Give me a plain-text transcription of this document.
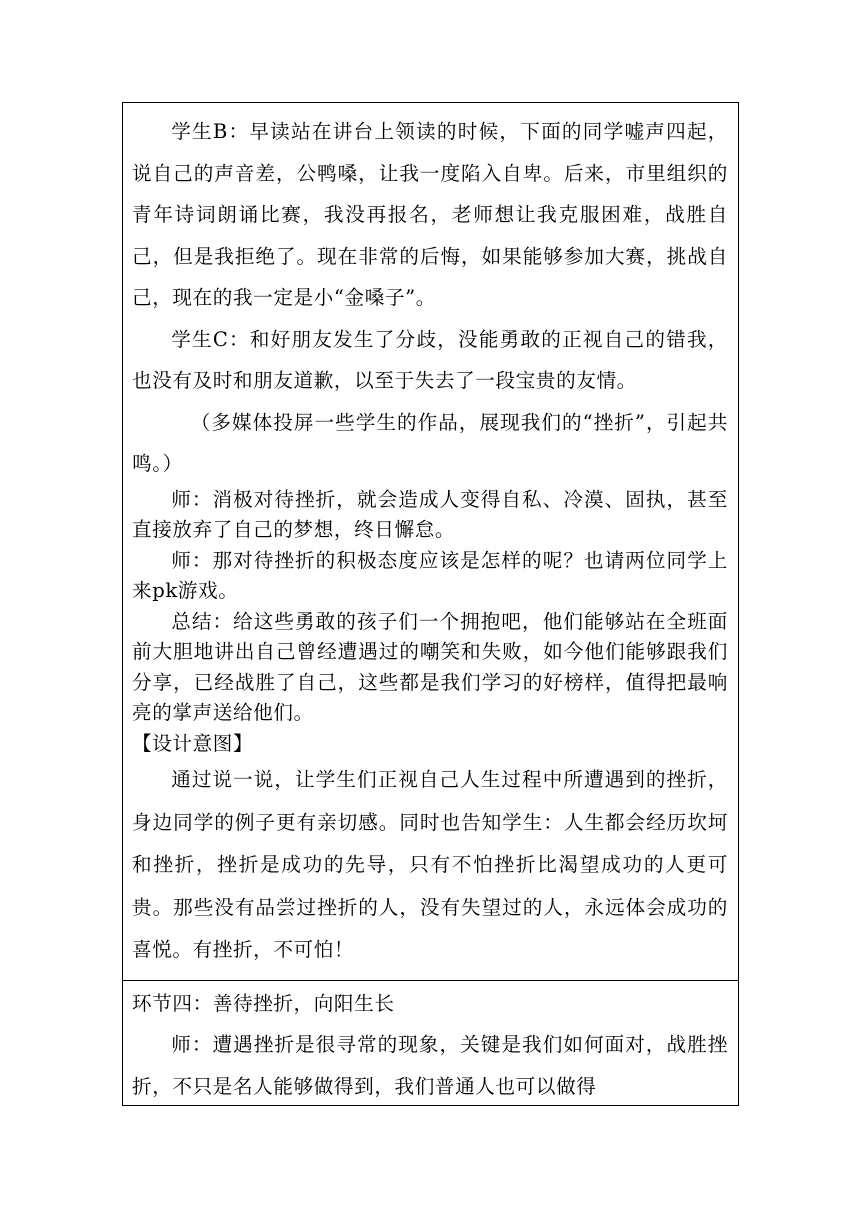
学生B：早读站在讲台上领读的时候，下面的同学嘘声四起，说自己的声音差，公鸭嗓，让我一度陷入自卑。后来，市里组织的青年诗词朗诵比赛，我没再报名，老师想让我克服困难，战胜自己，但是我拒绝了。现在非常的后悔，如果能够参加大赛，挑战自己，现在的我一定是小“金嗓子”。

学生C：和好朋友发生了分歧，没能勇敢的正视自己的错我，也没有及时和朋友道歉，以至于失去了一段宝贵的友情。

（多媒体投屏一些学生的作品，展现我们的“挫折”，引起共鸣。）

师：消极对待挫折，就会造成人变得自私、冷漠、固执，甚至直接放弃了自己的梦想，终日懈怠。

师：那对待挫折的积极态度应该是怎样的呢？也请两位同学上来pk游戏。

总结：给这些勇敢的孩子们一个拥抱吧，他们能够站在全班面前大胆地讲出自己曾经遭遇过的嘲笑和失败，如今他们能够跟我们分享，已经战胜了自己，这些都是我们学习的好榜样，值得把最响亮的掌声送给他们。

【设计意图】

通过说一说，让学生们正视自己人生过程中所遭遇到的挫折，身边同学的例子更有亲切感。同时也告知学生：人生都会经历坎坷和挫折，挫折是成功的先导，只有不怕挫折比渴望成功的人更可贵。那些没有品尝过挫折的人，没有失望过的人，永远体会成功的喜悦。有挫折，不可怕！

环节四：善待挫折，向阳生长

师：遭遇挫折是很寻常的现象，关键是我们如何面对，战胜挫折，不只是名人能够做得到，我们普通人也可以做得
